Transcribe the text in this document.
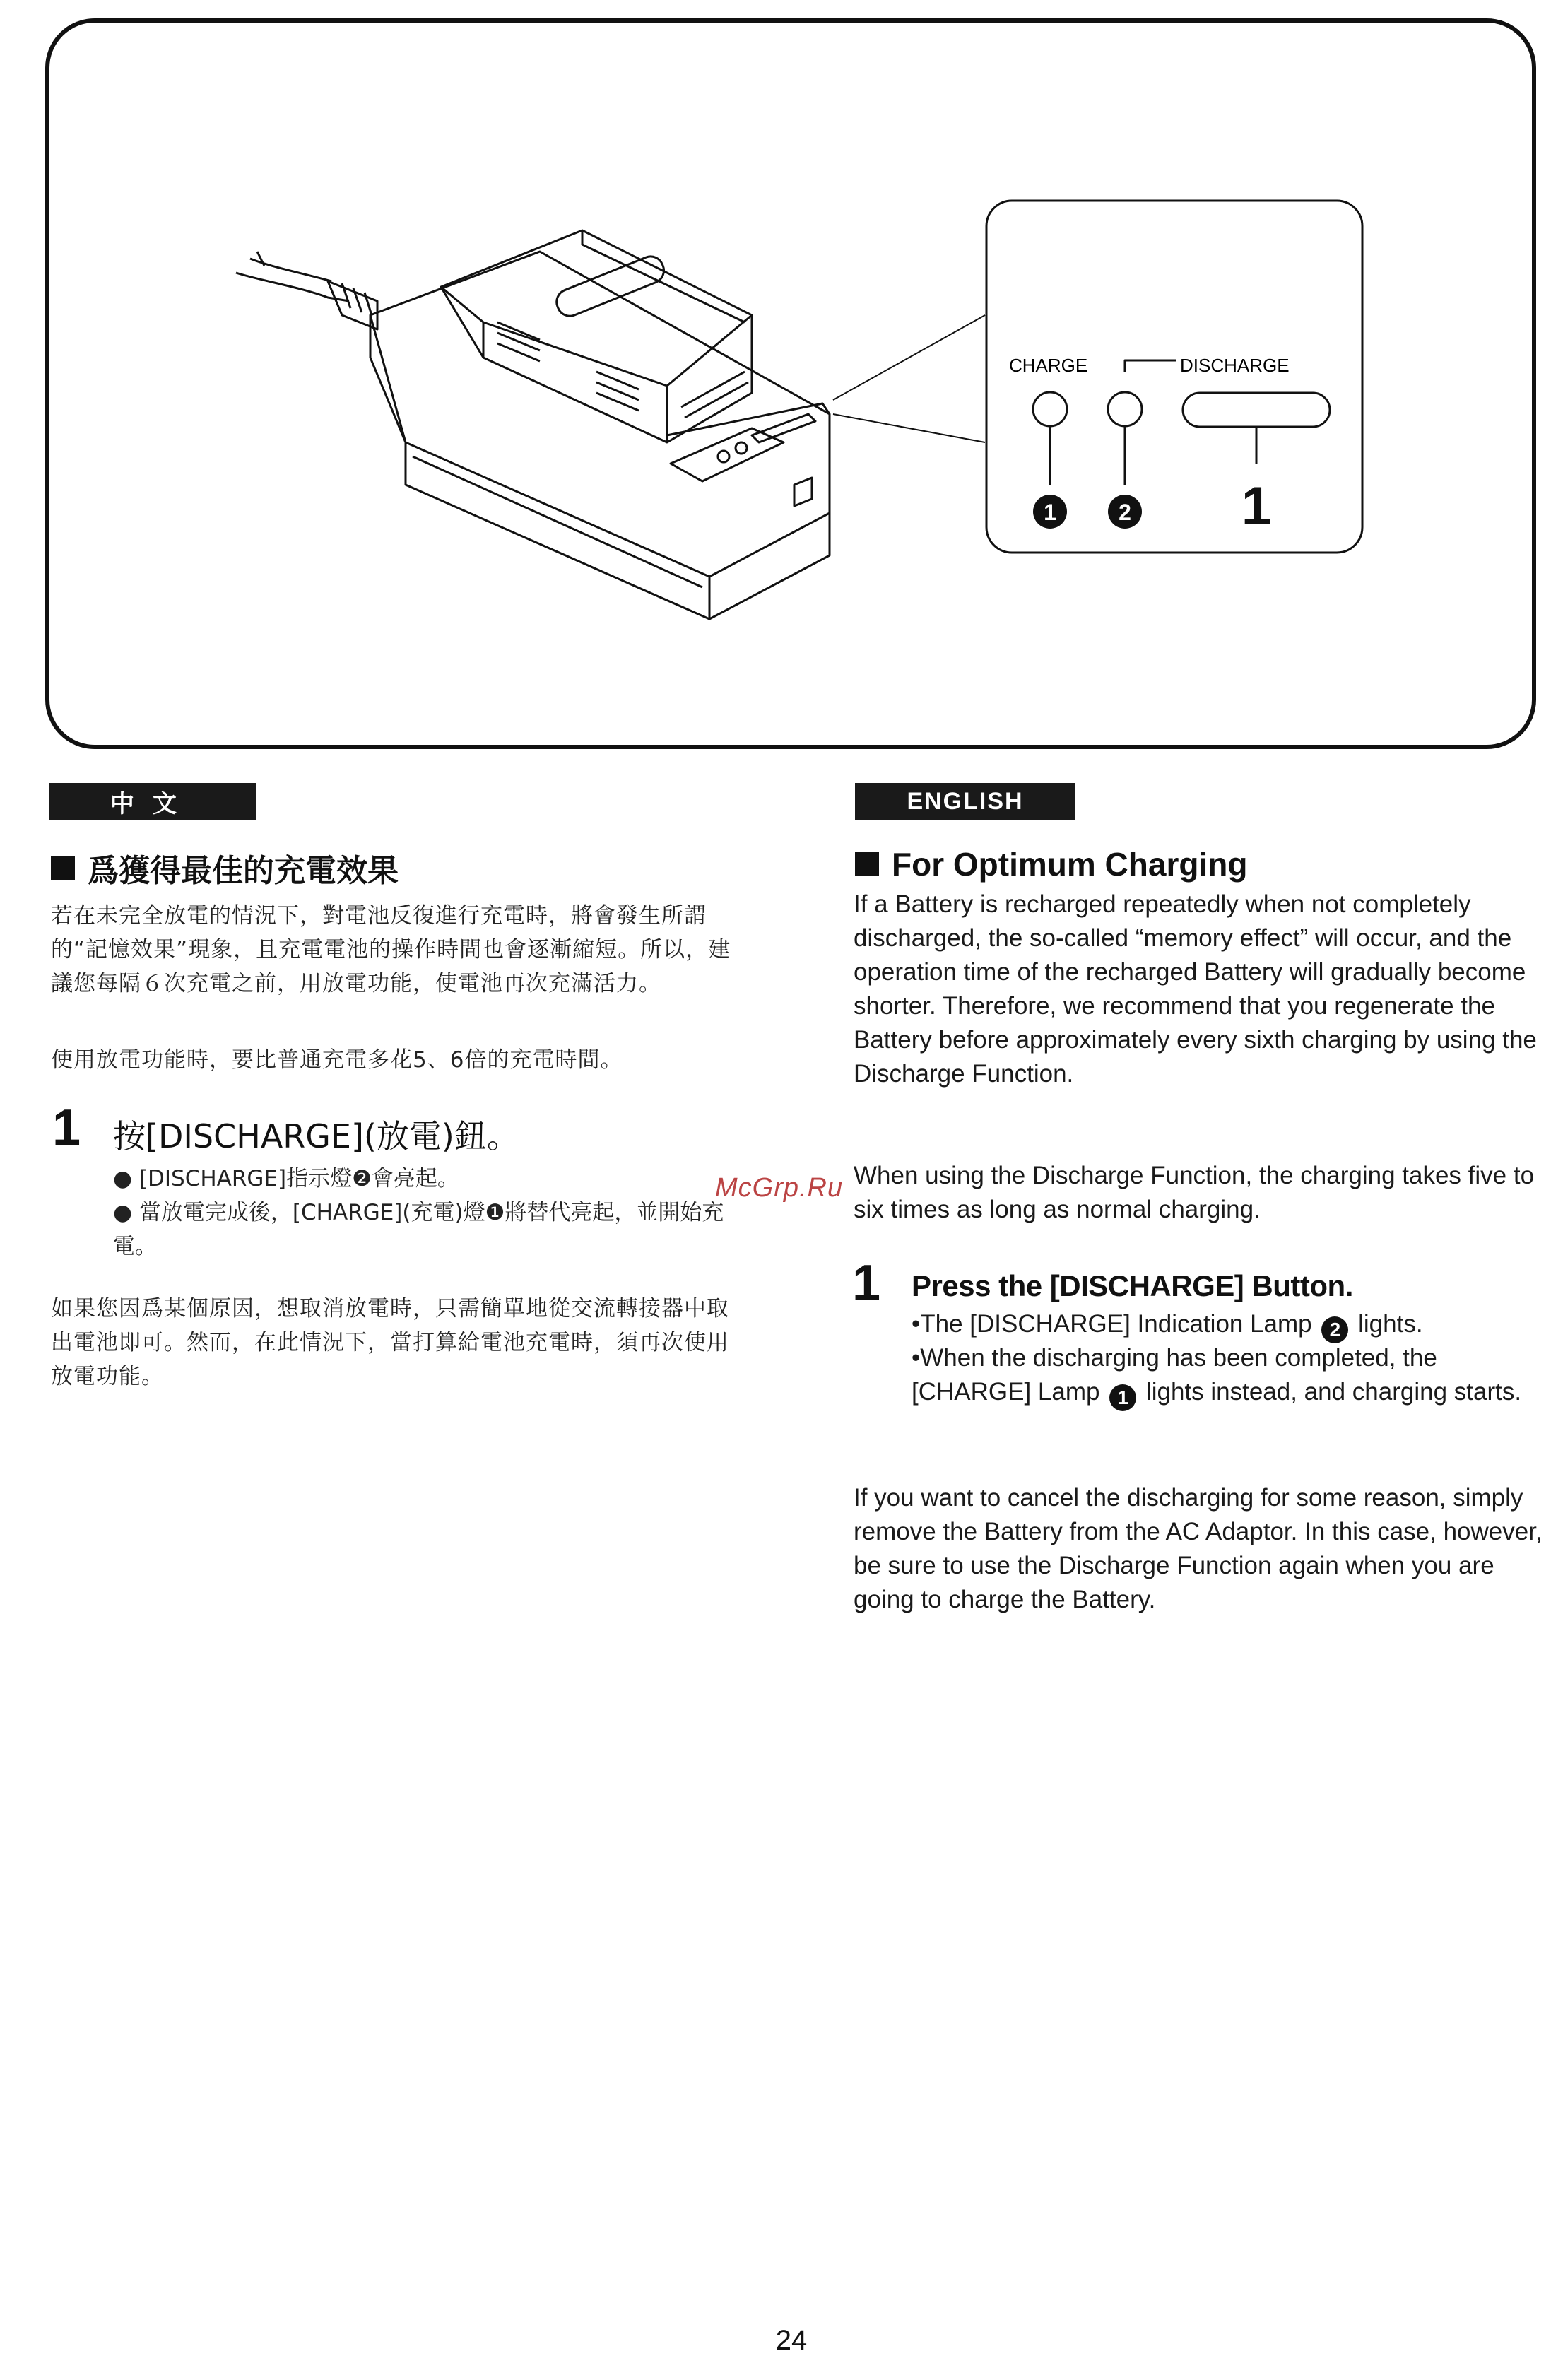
CHARGE	DISCHARGE
1	2 1
中文
爲獲得最佳的充電效果

若在未完全放電的情況下，對電池反復進行充電時，將會發生所謂的“記憶效果”現象，且充電電池的操作時間也會逐漸縮短。所以，建議您每隔６次充電之前，用放電功能，使電池再次充滿活力。

使用放電功能時，要比普通充電多花5、6倍的充電時間。

1 按[DISCHARGE](放電)鈕。

● [DISCHARGE]指示燈❷會亮起。

● 當放電完成後，[CHARGE](充電)燈❶將替代亮起，並開始充電。

如果您因爲某個原因，想取消放電時，只需簡單地從交流轉接器中取出電池即可。然而，在此情況下，當打算給電池充電時，須再次使用放電功能。

ENGLISH
For Optimum Charging

If a Battery is recharged repeatedly when not completely discharged, the so-called “memory effect” will occur, and the operation time of the recharged Battery will gradually become shorter. Therefore, we recommend that you regenerate the Battery before approximately every sixth charging by using the Discharge Function.

When using the Discharge Function, the charging takes five to six times as long as normal charging.

1 Press the [DISCHARGE] Button.

•The [DISCHARGE] Indication Lamp 2 lights.

•When the discharging has been completed, the [CHARGE] Lamp 1 lights instead, and charging starts.

If you want to cancel the discharging for some reason, simply remove the Battery from the AC Adaptor. In this case, however, be sure to use the Discharge Function again when you are going to charge the Battery.

McGrp.Ru
24
